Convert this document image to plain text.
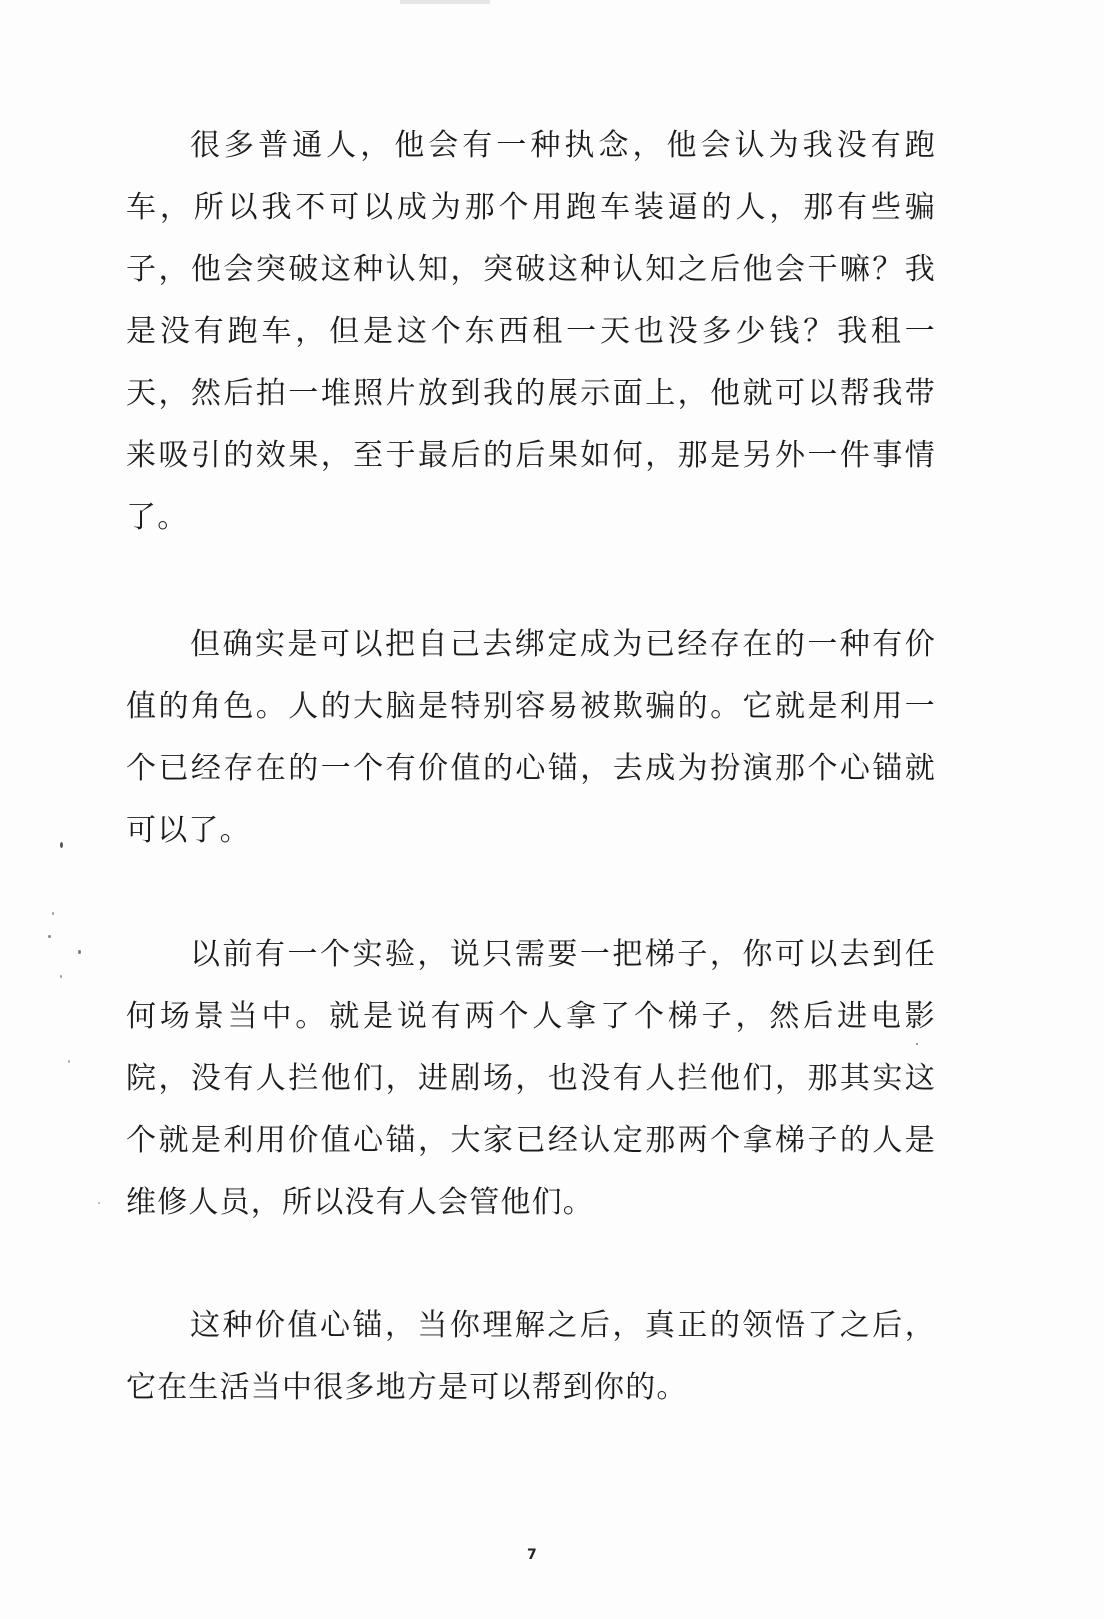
很多普通人，他会有一种执念，他会认为我没有跑车，所以我不可以成为那个用跑车装逼的人，那有些骗子，他会突破这种认知，突破这种认知之后他会干嘛？我是没有跑车，但是这个东西租一天也没多少钱？我租一天，然后拍一堆照片放到我的展示面上，他就可以帮我带来吸引的效果，至于最后的后果如何，那是另外一件事情了。

但确实是可以把自己去绑定成为已经存在的一种有价值的角色。人的大脑是特别容易被欺骗的。它就是利用一个已经存在的一个有价值的心锚，去成为扮演那个心锚就可以了。

以前有一个实验，说只需要一把梯子，你可以去到任何场景当中。就是说有两个人拿了个梯子，然后进电影院，没有人拦他们，进剧场，也没有人拦他们，那其实这个就是利用价值心锚，大家已经认定那两个拿梯子的人是维修人员，所以没有人会管他们。

这种价值心锚，当你理解之后，真正的领悟了之后，它在生活当中很多地方是可以帮到你的。

7
